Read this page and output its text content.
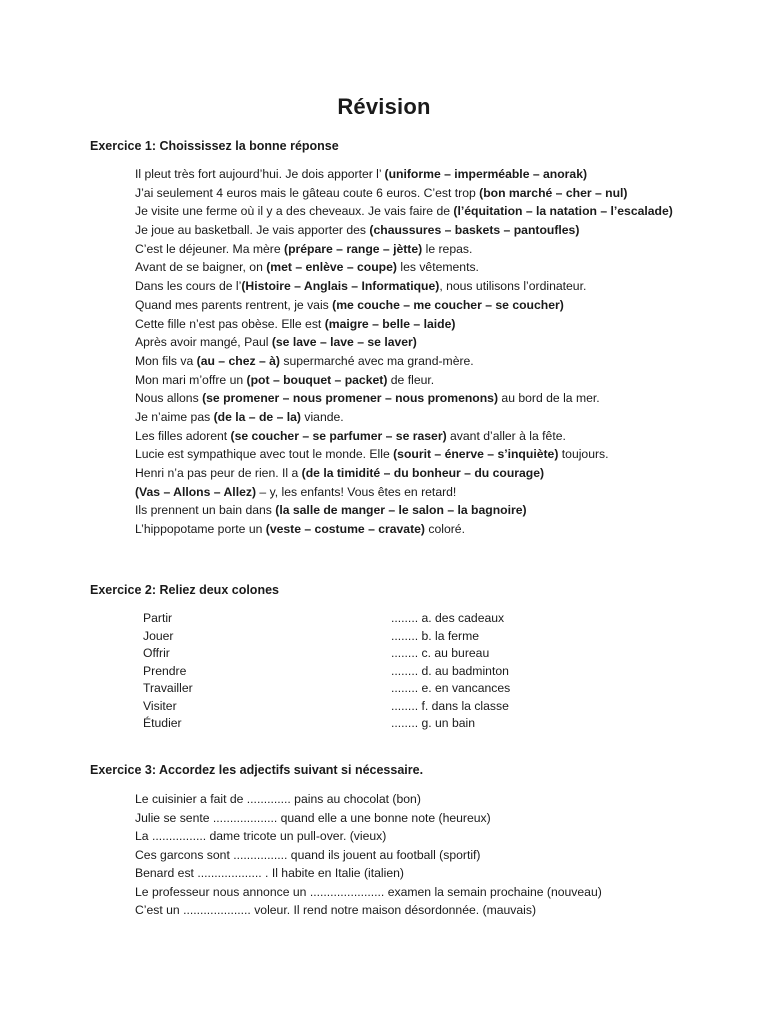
Révision
Exercice 1: Choississez la bonne réponse
Il pleut très fort aujourd’hui. Je dois apporter l’ (uniforme – imperméable – anorak)
J’ai seulement 4 euros mais le gâteau coute 6 euros. C’est trop (bon marché – cher – nul)
Je visite une ferme où il y a des cheveaux. Je vais faire de (l’équitation – la natation – l’escalade)
Je joue au basketball. Je vais apporter des (chaussures – baskets – pantoufles)
C’est le déjeuner. Ma mère (prépare – range – jètte) le repas.
Avant de se baigner, on (met – enlève – coupe) les vêtements.
Dans les cours de l’(Histoire – Anglais – Informatique), nous utilisons l’ordinateur.
Quand mes parents rentrent, je vais (me couche – me coucher – se coucher)
Cette fille n’est pas obèse. Elle est (maigre – belle – laide)
Après avoir mangé, Paul (se lave – lave – se laver)
Mon fils va (au – chez – à) supermarché avec ma grand-mère.
Mon mari m’offre un (pot – bouquet – packet) de fleur.
Nous allons (se promener – nous promener – nous promenons) au bord de la mer.
Je n’aime pas (de la – de – la) viande.
Les filles adorent (se coucher – se parfumer – se raser) avant d’aller à la fête.
Lucie est sympathique avec tout le monde. Elle (sourit – énerve – s’inquiète) toujours.
Henri n’a pas peur de rien. Il a (de la timidité – du bonheur – du courage)
(Vas – Allons – Allez) – y, les enfants! Vous êtes en retard!
Ils prennent un bain dans (la salle de manger – le salon – la bagnoire)
L’hippopotame porte un (veste – costume – cravate) coloré.
Exercice 2: Reliez deux colones
Partir	........ a. des cadeaux
Jouer	........ b. la ferme
Offrir	........ c. au bureau
Prendre	........ d. au badminton
Travailler	........ e. en vancances
Visiter	........ f. dans la classe
Étudier	........ g. un bain
Exercice 3: Accordez les adjectifs suivant si nécessaire.
Le cuisinier a fait de ............. pains au chocolat (bon)
Julie se sente ................... quand elle a une bonne note (heureux)
La ................ dame tricote un pull-over. (vieux)
Ces garcons sont ................ quand ils jouent au football (sportif)
Benard est ................... . Il habite en Italie (italien)
Le professeur nous annonce un ...................... examen la semain prochaine (nouveau)
C’est un .................... voleur. Il rend notre maison désordonnée. (mauvais)
